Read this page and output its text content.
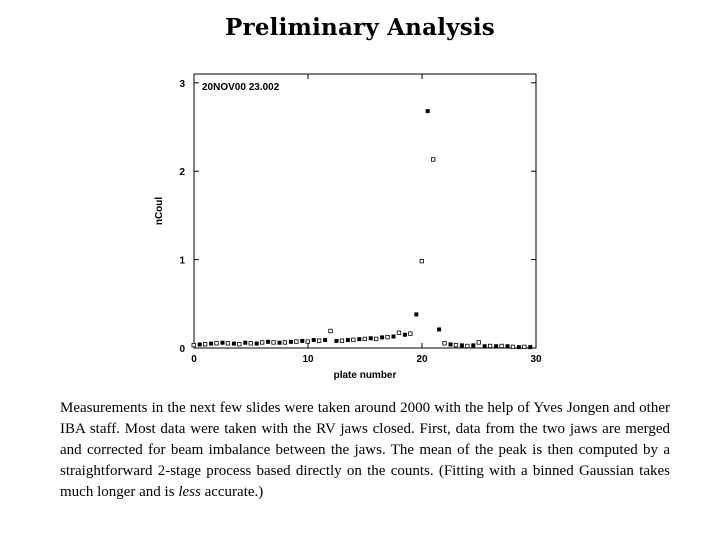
Preliminary Analysis
20NOV00 23.002
plate number
nCoul
0	10	20	30
0
1
2
3

Measurements in the next few slides were taken around 2000 with the help of Yves Jongen and other IBA staff. Most data were taken with the RV jaws closed. First, data from the two jaws are merged and corrected for beam imbalance between the jaws. The mean of the peak is then computed by a straightforward 2-stage process based directly on the counts. (Fitting with a binned Gaussian takes much longer and is less accurate.)
